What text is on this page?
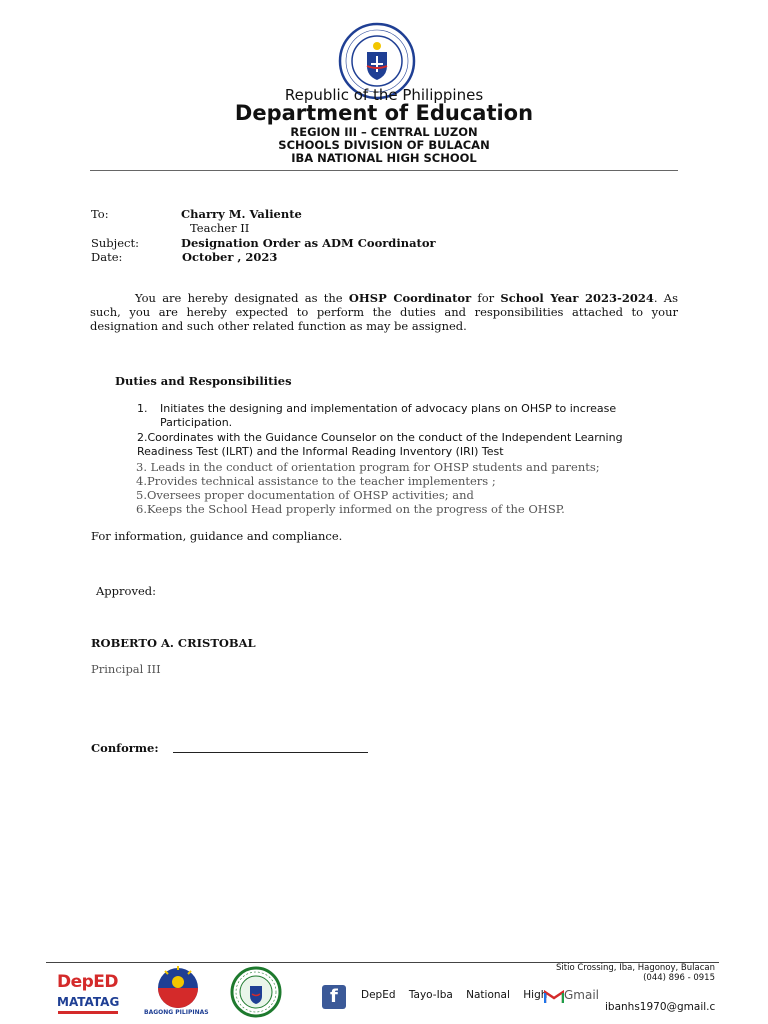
Republic of the Philippines
Department of Education
REGION III – CENTRAL LUZON
SCHOOLS DIVISION OF BULACAN
IBA NATIONAL HIGH SCHOOL
To:	Charry M. Valiente
Teacher II
Subject:	Designation Order as ADM Coordinator
Date:	October , 2023
You are hereby designated as the OHSP Coordinator for School Year 2023-2024. As such, you are hereby expected to perform the duties and responsibilities attached to your designation and such other related function as may be assigned.
Duties and Responsibilities
1. Initiates the designing and implementation of advocacy plans on OHSP to increase
Participation.
2.Coordinates with the Guidance Counselor on the conduct of the Independent Learning
Readiness Test (ILRT) and the Informal Reading Inventory (IRI) Test
3. Leads in the conduct of orientation program for OHSP students and parents;
4.Provides technical assistance to the teacher implementers ;
5.Oversees proper documentation of OHSP activities; and
6.Keeps the School Head properly informed on the progress of the OHSP.
For information, guidance and compliance.
Approved:
ROBERTO A. CRISTOBAL
Principal III
Conforme:
DepED
MATATAG
BAGONG PILIPINAS
f DepEd Tayo-Iba National High Gmail
Sitio Crossing, Iba, Hagonoy, Bulacan
(044) 896 - 0915
ibanhs1970@gmail.c
